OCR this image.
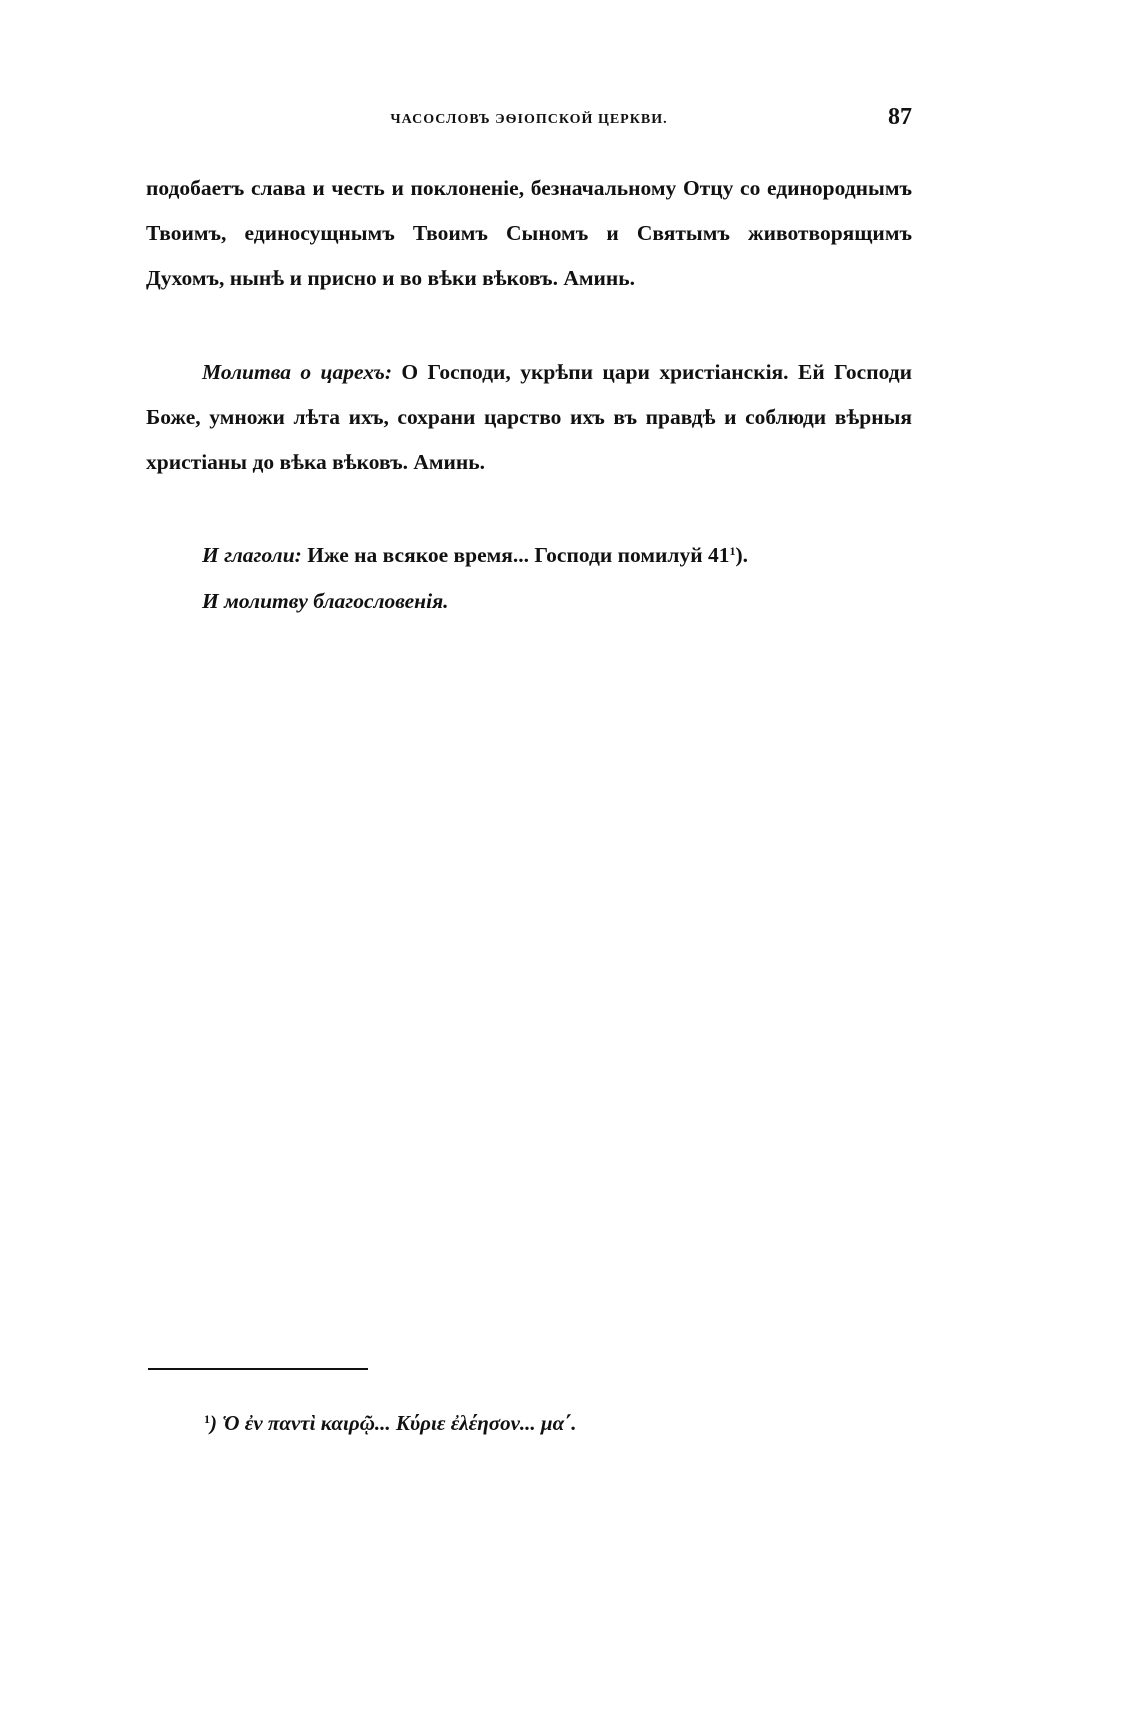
ЧАСОСЛОВЪ ЭѲІОПСКОЙ ЦЕРКВИ.	87

подобаетъ слава и честь и поклоненіе, безначальному Отцу со единороднымъ Твоимъ, единосущнымъ Твоимъ Сыномъ и Святымъ животворящимъ Духомъ, нынѣ и присно и во вѣки вѣковъ. Аминь.

Молитва о царехъ: О Господи, укрѣпи цари христіанскія. Ей Господи Боже, умножи лѣта ихъ, сохрани царство ихъ въ правдѣ и соблюди вѣрныя христіаны до вѣка вѣковъ. Аминь.

И глаголи: Иже на всякое время... Господи помилуй $41^1$).

И молитву благословенія.

$^1$) Ὁ ἐν παντὶ καιρῷ... Κύριε ἐλέησον... μα΄.
